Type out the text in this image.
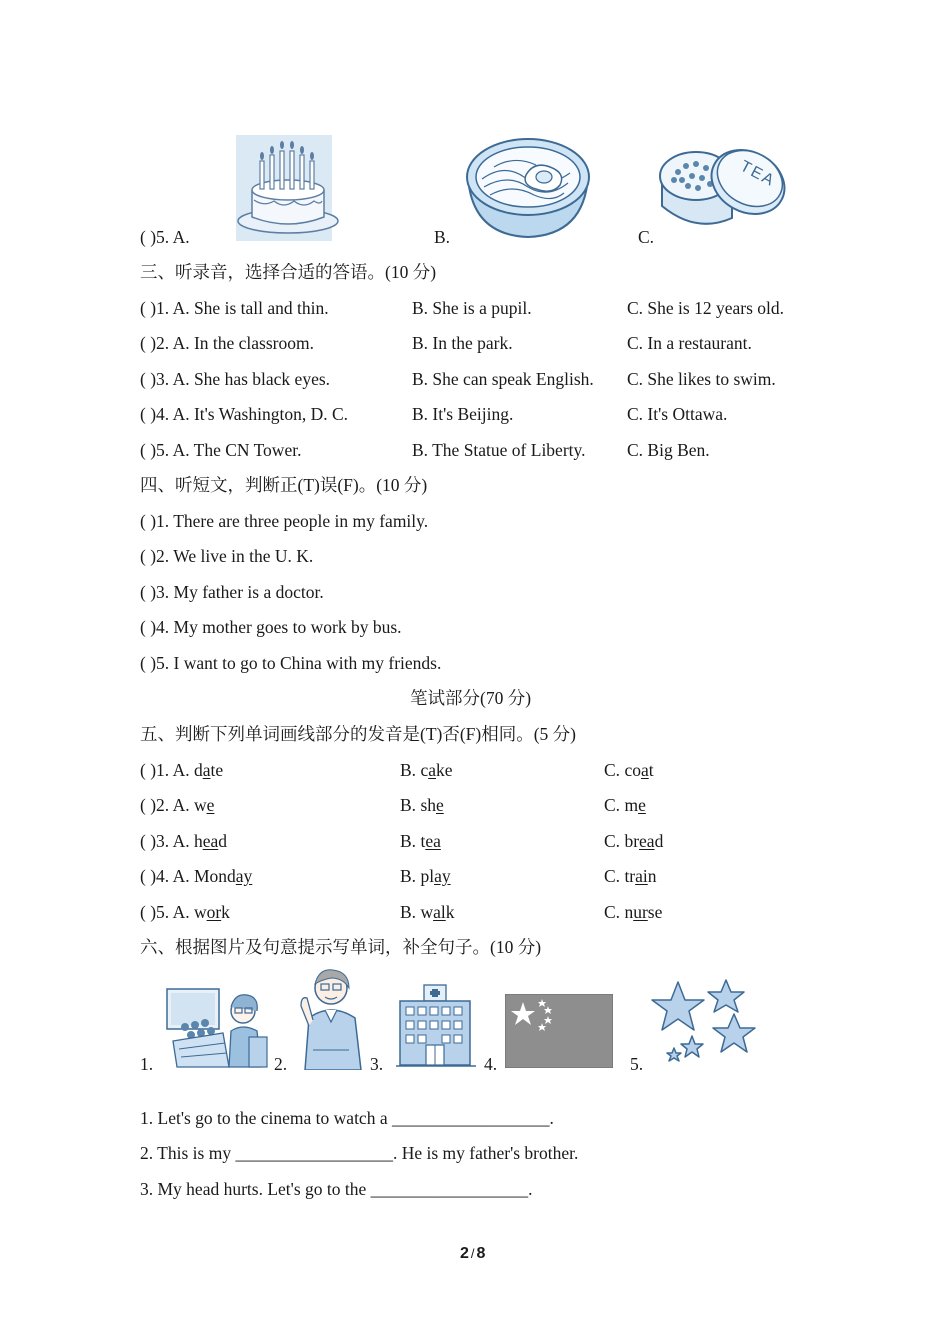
TEA
( )5. A.	B.	C.
三、听录音，选择合适的答语。(10 分)
( )1. A. She is tall and thin.	B. She is a pupil.	C. She is 12 years old.
( )2. A. In the classroom.	B. In the park.	C. In a restaurant.
( )3. A. She has black eyes.	B. She can speak English. C. She likes to swim.
( )4. A. It's Washington, D. C.	B. It's Beijing.	C. It's Ottawa.
( )5. A. The CN Tower.	B. The Statue of Liberty. C. Big Ben.
四、听短文，判断正(T)误(F)。(10 分)
( )1. There are three people in my family.
( )2. We live in the U. K.
( )3. My father is a doctor.
( )4. My mother goes to work by bus.
( )5. I want to go to China with my friends.
笔试部分(70 分)
五、判断下列单词画线部分的发音是(T)否(F)相同。(5 分)
( )1. A. date	B. cake	C. coat
( )2. A. we	B. she	C. me
( )3. A. head	B. tea	C. bread
( )4. A. Monday	B. play	C. train
( )5. A. work	B. walk	C. nurse
六、根据图片及句意提示写单词，补全句子。(10 分)
1.	2.	3.	4.	5.
1. Let's go to the cinema to watch a __________________.
2. This is my __________________. He is my father's brother.
3. My head hurts. Let's go to the __________________.
2 / 8
